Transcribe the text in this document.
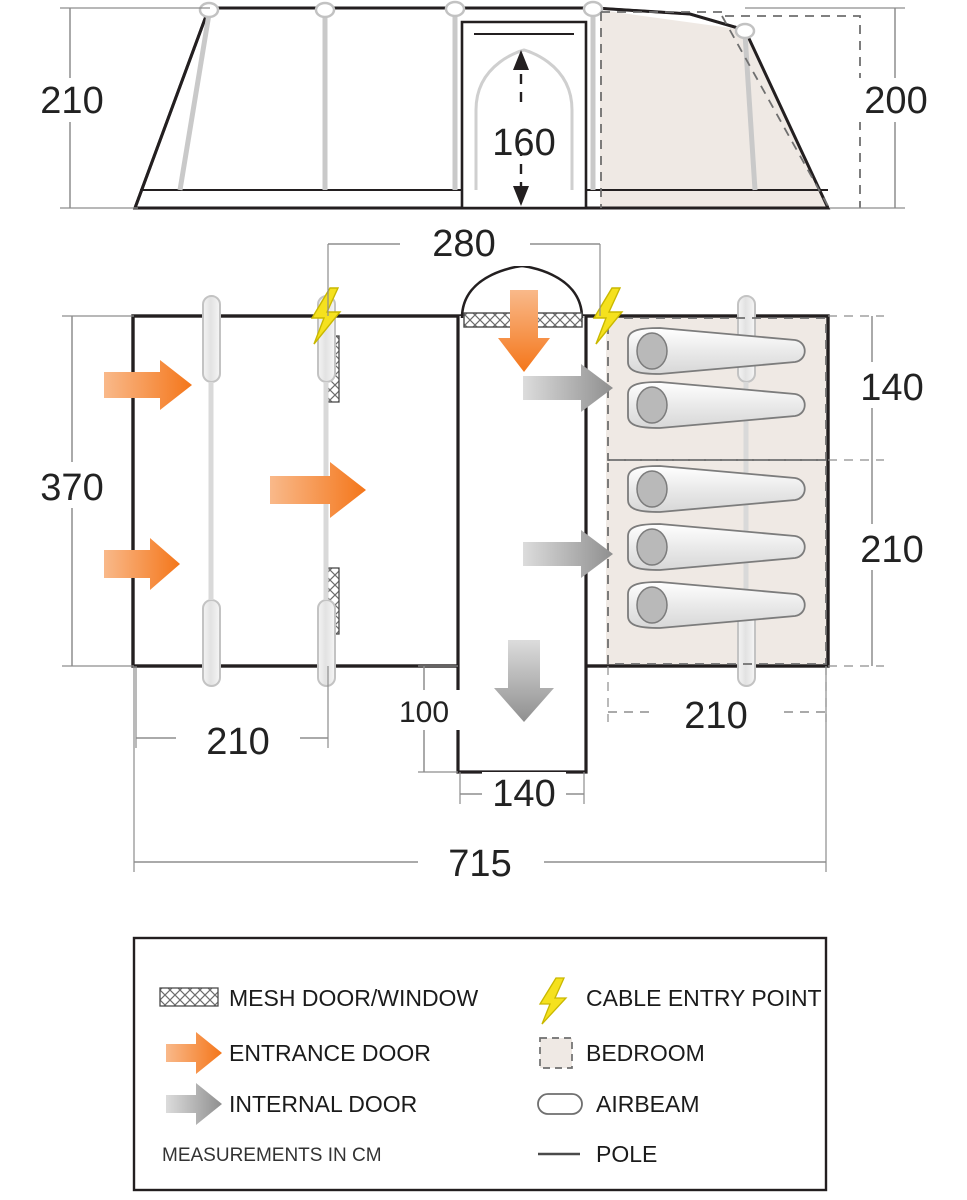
160
210	200
280
370
140
210
210
210
100
140
715
MESH DOOR/WINDOW	CABLE ENTRY POINT
ENTRANCE DOOR	BEDROOM
INTERNAL DOOR	AIRBEAM
MEASUREMENTS IN CM	POLE
